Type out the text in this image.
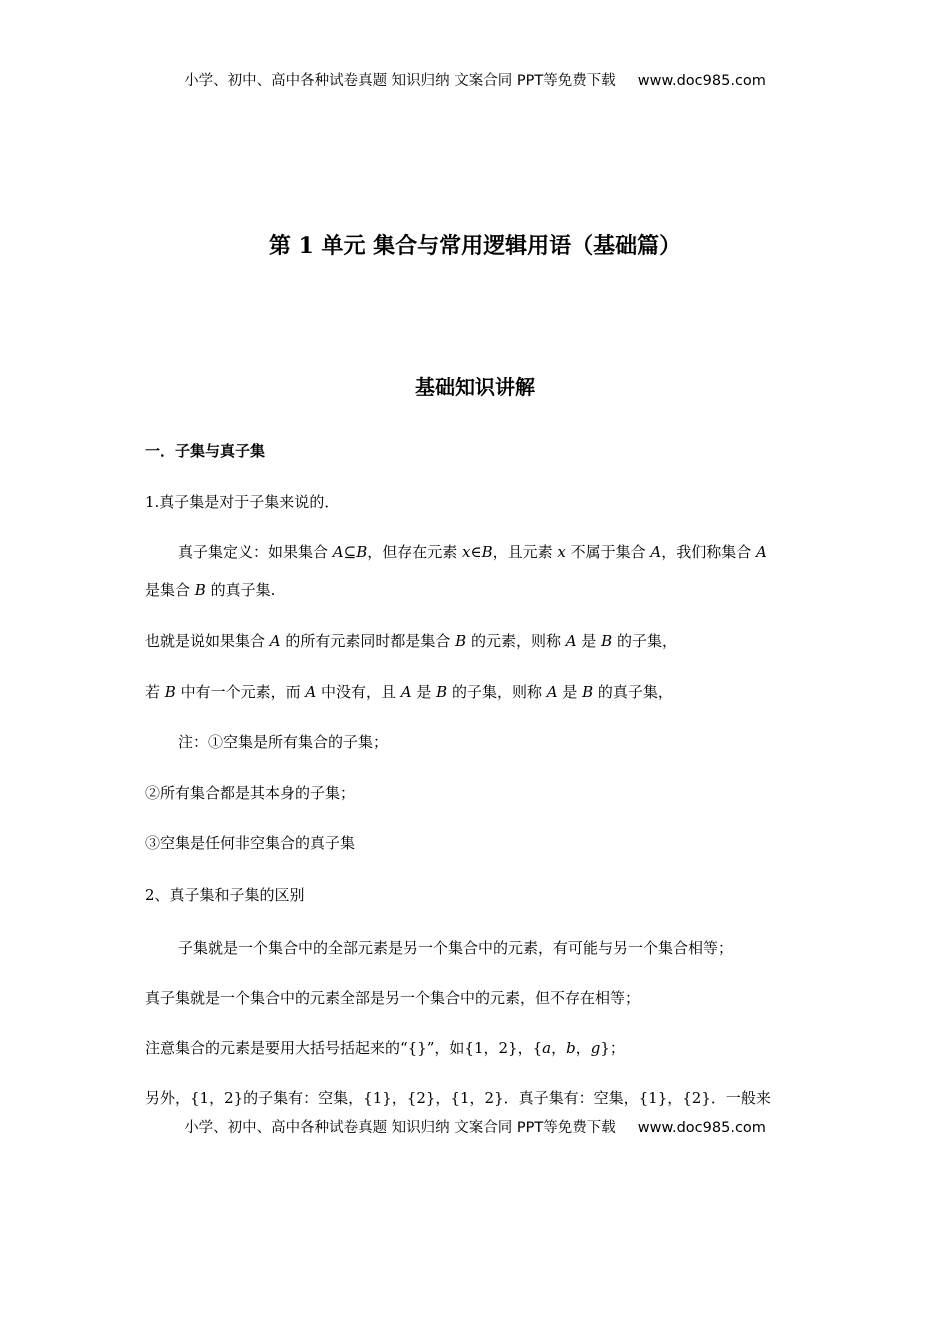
小学、初中、高中各种试卷真题 知识归纳 文案合同 PPT等免费下载 www.doc985.com
第 1 单元 集合与常用逻辑用语（基础篇）
基础知识讲解
一．子集与真子集
1.真子集是对于子集来说的．
真子集定义：如果集合 A⊆B，但存在元素 x∈B，且元素 x 不属于集合 A，我们称集合 A
是集合 B 的真子集.
也就是说如果集合 A 的所有元素同时都是集合 B 的元素，则称 A 是 B 的子集，
若 B 中有一个元素，而 A 中没有，且 A 是 B 的子集，则称 A 是 B 的真子集，
注：①空集是所有集合的子集；
②所有集合都是其本身的子集；
③空集是任何非空集合的真子集
2、真子集和子集的区别
子集就是一个集合中的全部元素是另一个集合中的元素，有可能与另一个集合相等；
真子集就是一个集合中的元素全部是另一个集合中的元素，但不存在相等；
注意集合的元素是要用大括号括起来的“{}”，如{1，2}，{a，b，g}；
另外，{1，2}的子集有：空集，{1}，{2}，{1，2}．真子集有：空集，{1}，{2}．一般来
小学、初中、高中各种试卷真题 知识归纳 文案合同 PPT等免费下载 www.doc985.com
